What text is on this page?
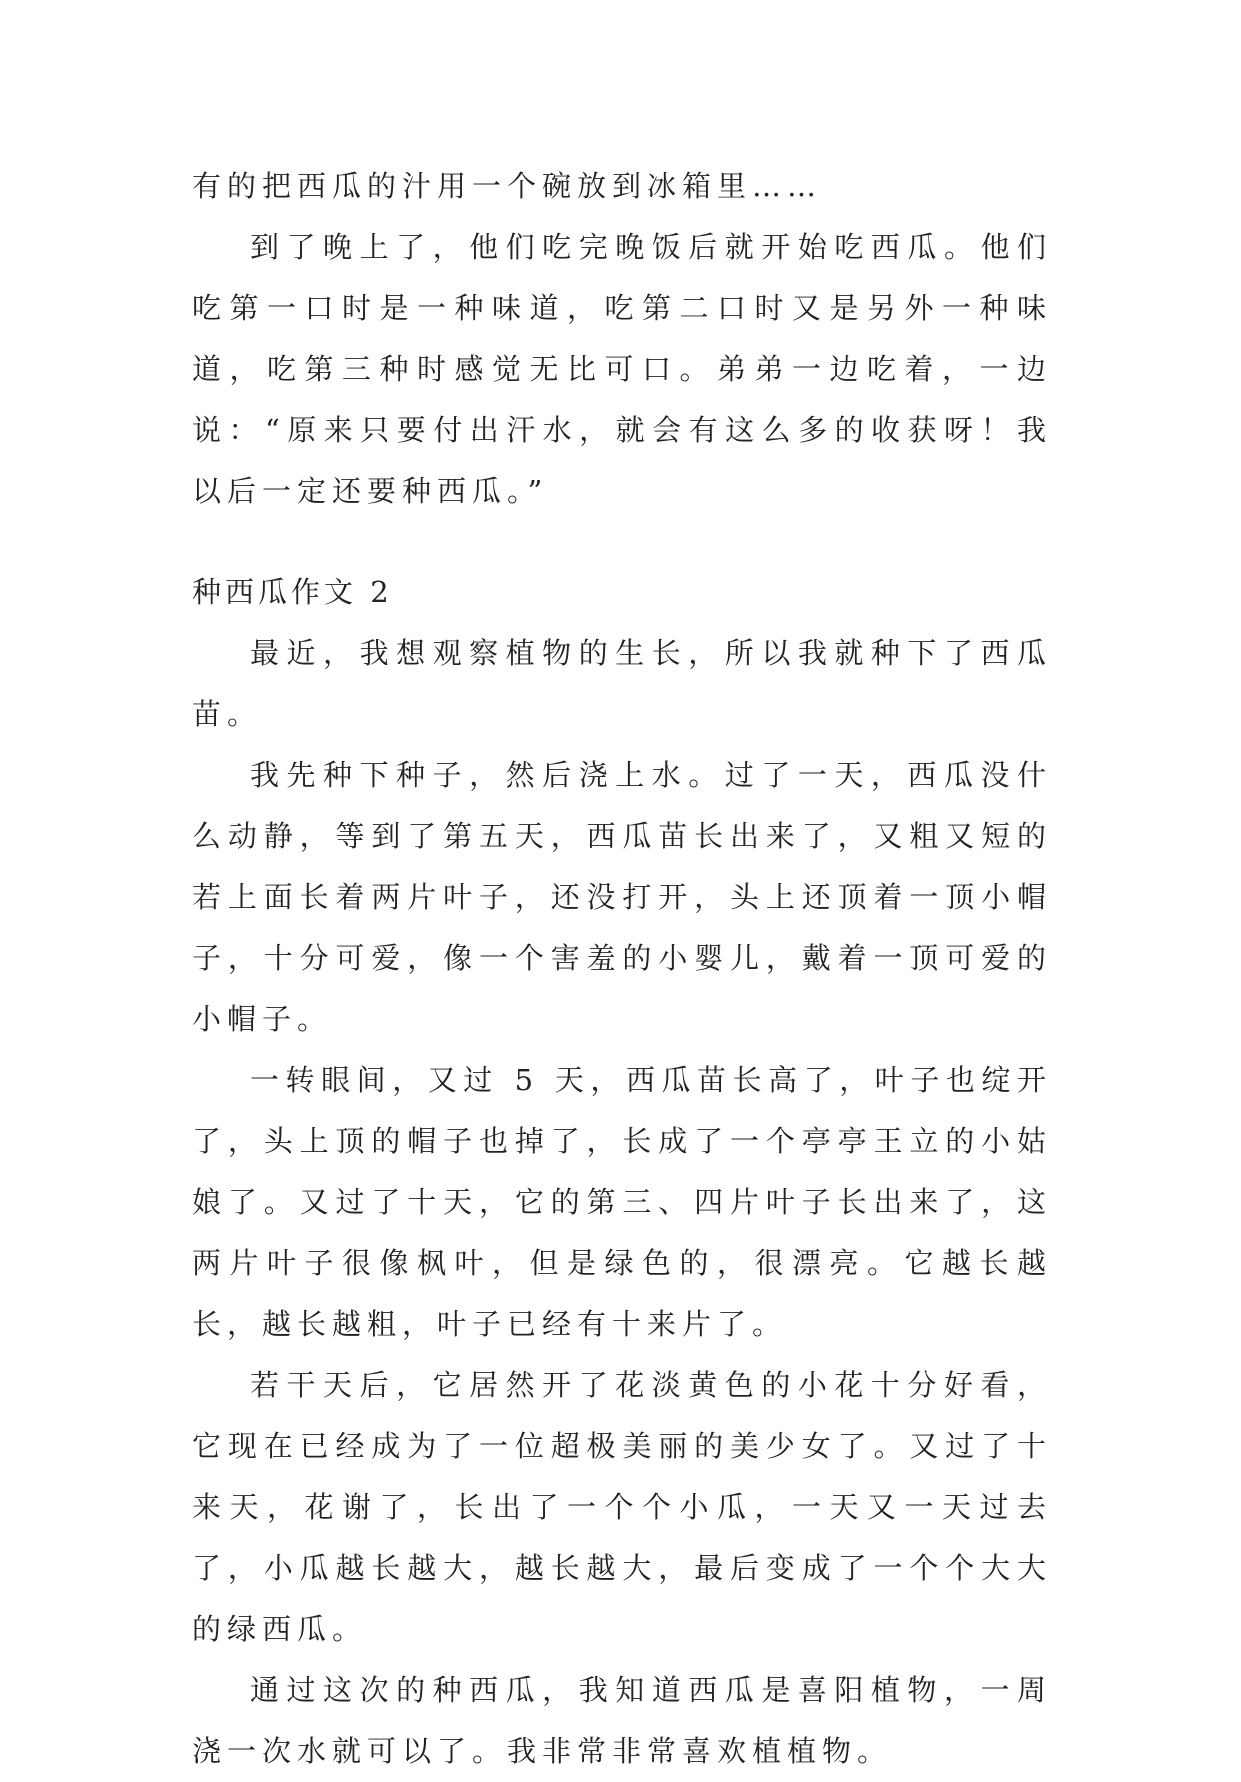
有的把西瓜的汁用一个碗放到冰箱里……

到了晚上了，他们吃完晚饭后就开始吃西瓜。他们吃第一口时是一种味道，吃第二口时又是另外一种味道，吃第三种时感觉无比可口。弟弟一边吃着，一边说：“原来只要付出汗水，就会有这么多的收获呀！我以后一定还要种西瓜。”

种西瓜作文 2

最近，我想观察植物的生长，所以我就种下了西瓜苗。

我先种下种子，然后浇上水。过了一天，西瓜没什么动静，等到了第五天，西瓜苗长出来了，又粗又短的若上面长着两片叶子，还没打开，头上还顶着一顶小帽子，十分可爱，像一个害羞的小婴儿，戴着一顶可爱的小帽子。

一转眼间，又过 5 天，西瓜苗长高了，叶子也绽开了，头上顶的帽子也掉了，长成了一个亭亭王立的小姑娘了。又过了十天，它的第三、四片叶子长出来了，这两片叶子很像枫叶，但是绿色的，很漂亮。它越长越长，越长越粗，叶子已经有十来片了。

若干天后，它居然开了花淡黄色的小花十分好看，它现在已经成为了一位超极美丽的美少女了。又过了十来天，花谢了，长出了一个个小瓜，一天又一天过去了，小瓜越长越大，越长越大，最后变成了一个个大大的绿西瓜。

通过这次的种西瓜，我知道西瓜是喜阳植物，一周浇一次水就可以了。我非常非常喜欢植植物。
